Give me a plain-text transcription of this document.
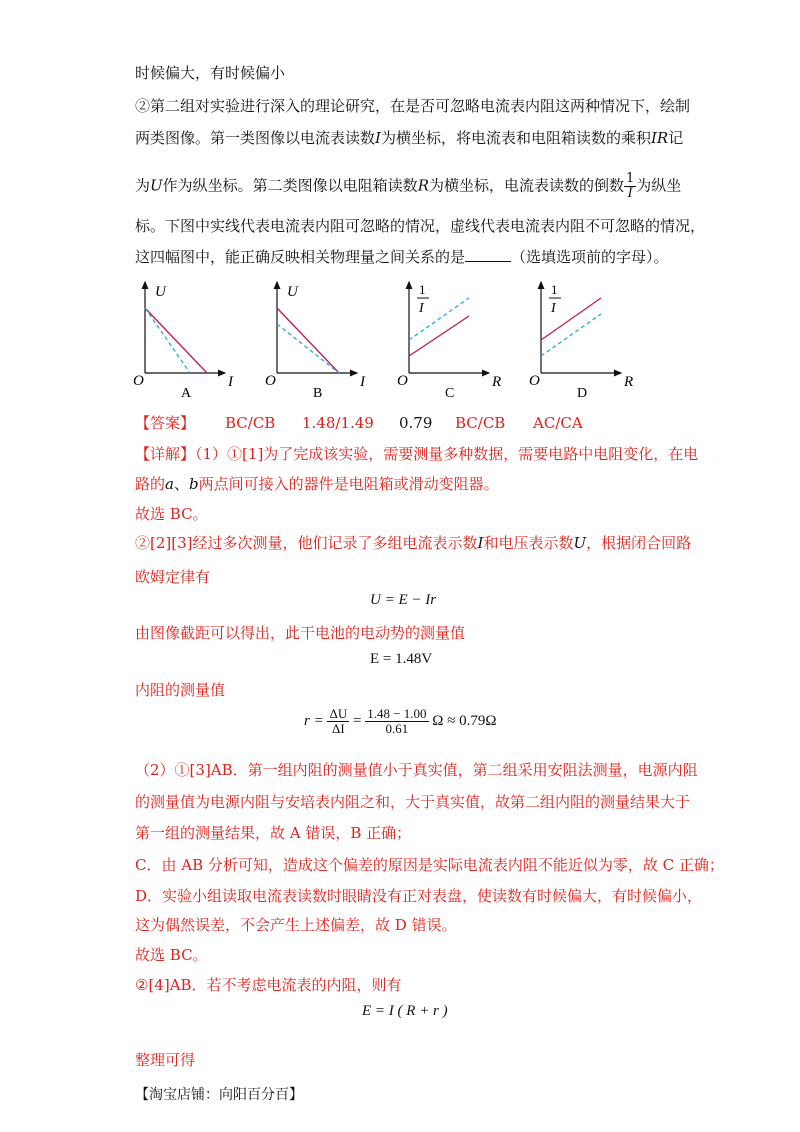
时候偏大，有时候偏小
②第二组对实验进行深入的理论研究，在是否可忽略电流表内阻这两种情况下，绘制
两类图像。第一类图像以电流表读数I为横坐标，将电流表和电阻箱读数的乘积IR记
为U作为纵坐标。第二类图像以电阻箱读数R为横坐标，电流表读数的倒数 $\frac{1}{I}$ 为纵坐
标。下图中实线代表电流表内阻可忽略的情况，虚线代表电流表内阻不可忽略的情况，
这四幅图中，能正确反映相关物理量之间关系的是	（选填选项前的字母）。
U
O	I
A
U
O	I
B
1
I
O	R
C
1
I
O	R
D
【答案】 BC/CB 1.48/1.49 0.79 BC/CB AC/CA
【详解】（1）①[1]为了完成该实验，需要测量多种数据，需要电路中电阻变化，在电
路的a、b两点间可接入的器件是电阻箱或滑动变阻器。
故选 BC。
②[2][3]经过多次测量，他们记录了多组电流表示数I和电压表示数U，根据闭合回路
欧姆定律有
U = E − Ir
由图像截距可以得出，此干电池的电动势的测量值
E = 1.48V
内阻的测量值
$r = \frac{\Delta U}{\Delta I} = \frac{1.48 - 1.00}{0.61}$ Ω ≈ 0.79Ω
（2）①[3]AB．第一组内阻的测量值小于真实值，第二组采用安阻法测量，电源内阻
的测量值为电源内阻与安培表内阻之和，大于真实值，故第二组内阻的测量结果大于
第一组的测量结果，故 A 错误，B 正确；
C．由 AB 分析可知，造成这个偏差的原因是实际电流表内阻不能近似为零，故 C 正确；
D．实验小组读取电流表读数时眼睛没有正对表盘，使读数有时候偏大，有时候偏小，
这为偶然误差，不会产生上述偏差，故 D 错误。
故选 BC。
②[4]AB．若不考虑电流表的内阻，则有
E = I ( R + r )
整理可得
【淘宝店铺：向阳百分百】
